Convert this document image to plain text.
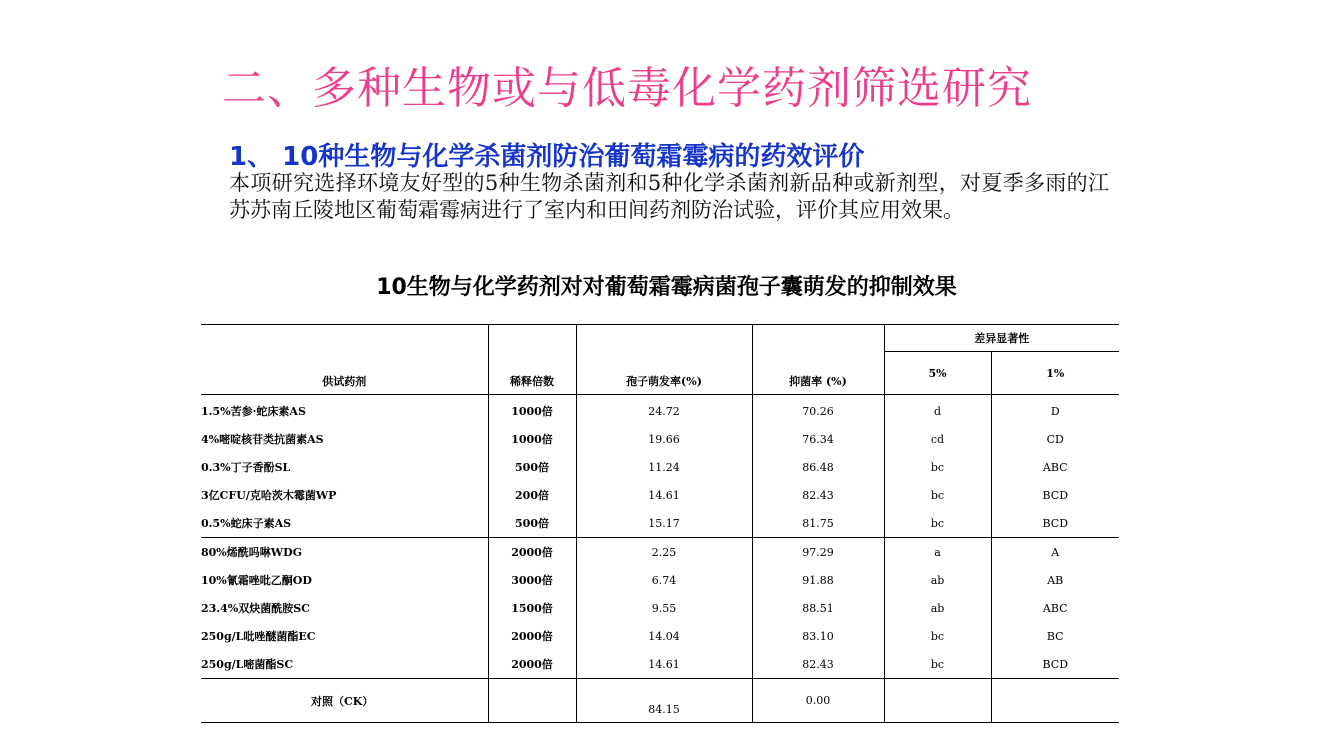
二、多种生物或与低毒化学药剂筛选研究
1、 10种生物与化学杀菌剂防治葡萄霜霉病的药效评价
本项研究选择环境友好型的5种生物杀菌剂和5种化学杀菌剂新品种或新剂型，对夏季多雨的江苏苏南丘陵地区葡萄霜霉病进行了室内和田间药剂防治试验，评价其应用效果。
10生物与化学药剂对对葡萄霜霉病菌孢子囊萌发的抑制效果
供试药剂	稀释倍数	孢子萌发率(%)	抑菌率 (%)	差异显著性	
				5%	1%
1.5%苦参·蛇床素AS	1000倍	24.72	70.26	d	D
4%嘧啶核苷类抗菌素AS	1000倍	19.66	76.34	cd	CD
0.3%丁子香酚SL	500倍	11.24	86.48	bc	ABC
3亿CFU/克哈茨木霉菌WP	200倍	14.61	82.43	bc	BCD
0.5%蛇床子素AS	500倍	15.17	81.75	bc	BCD
80%烯酰吗啉WDG	2000倍	2.25	97.29	a	A
10%氰霜唑吡乙酮OD	3000倍	6.74	91.88	ab	AB
23.4%双炔菌酰胺SC	1500倍	9.55	88.51	ab	ABC
250g/L吡唑醚菌酯EC	2000倍	14.04	83.10	bc	BC
250g/L嘧菌酯SC	2000倍	14.61	82.43	bc	BCD
对照（CK）		84.15	0.00		
